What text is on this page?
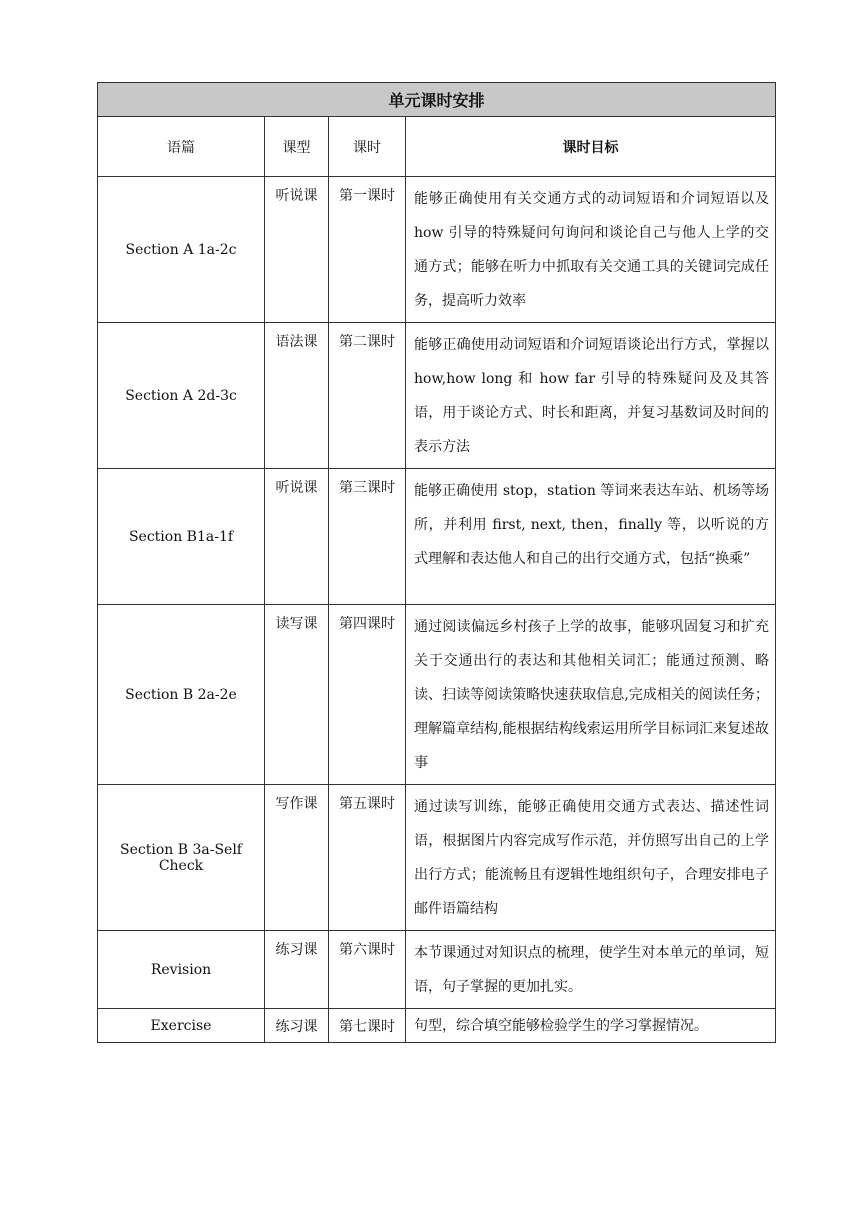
单元课时安排			
语篇	课型	课时	课时目标
Section A 1a-2c	听说课	第一课时	能够正确使用有关交通方式的动词短语和介词短语以及 how 引导的特殊疑问句询问和谈论自己与他人上学的交通方式；能够在听力中抓取有关交通工具的关键词完成任务，提高听力效率
Section A 2d-3c	语法课	第二课时	能够正确使用动词短语和介词短语谈论出行方式，掌握以 how,how long 和 how far 引导的特殊疑问及及其答语，用于谈论方式、时长和距离，并复习基数词及时间的表示方法
Section B1a-1f	听说课	第三课时	能够正确使用 stop，station 等词来表达车站、机场等场所，并利用 first, next, then，finally 等，以听说的方式理解和表达他人和自己的出行交通方式，包括“换乘”
Section B 2a-2e	读写课	第四课时	通过阅读偏远乡村孩子上学的故事，能够巩固复习和扩充关于交通出行的表达和其他相关词汇；能通过预测、略读、扫读等阅读策略快速获取信息,完成相关的阅读任务；理解篇章结构,能根据结构线索运用所学目标词汇来复述故事
Section B 3a-Self Check	写作课	第五课时	通过读写训练，能够正确使用交通方式表达、描述性词语，根据图片内容完成写作示范，并仿照写出自己的上学出行方式；能流畅且有逻辑性地组织句子，合理安排电子邮件语篇结构
Revision	练习课	第六课时	本节课通过对知识点的梳理，使学生对本单元的单词，短语，句子掌握的更加扎实。
Exercise	练习课	第七课时	句型，综合填空能够检验学生的学习掌握情况。
